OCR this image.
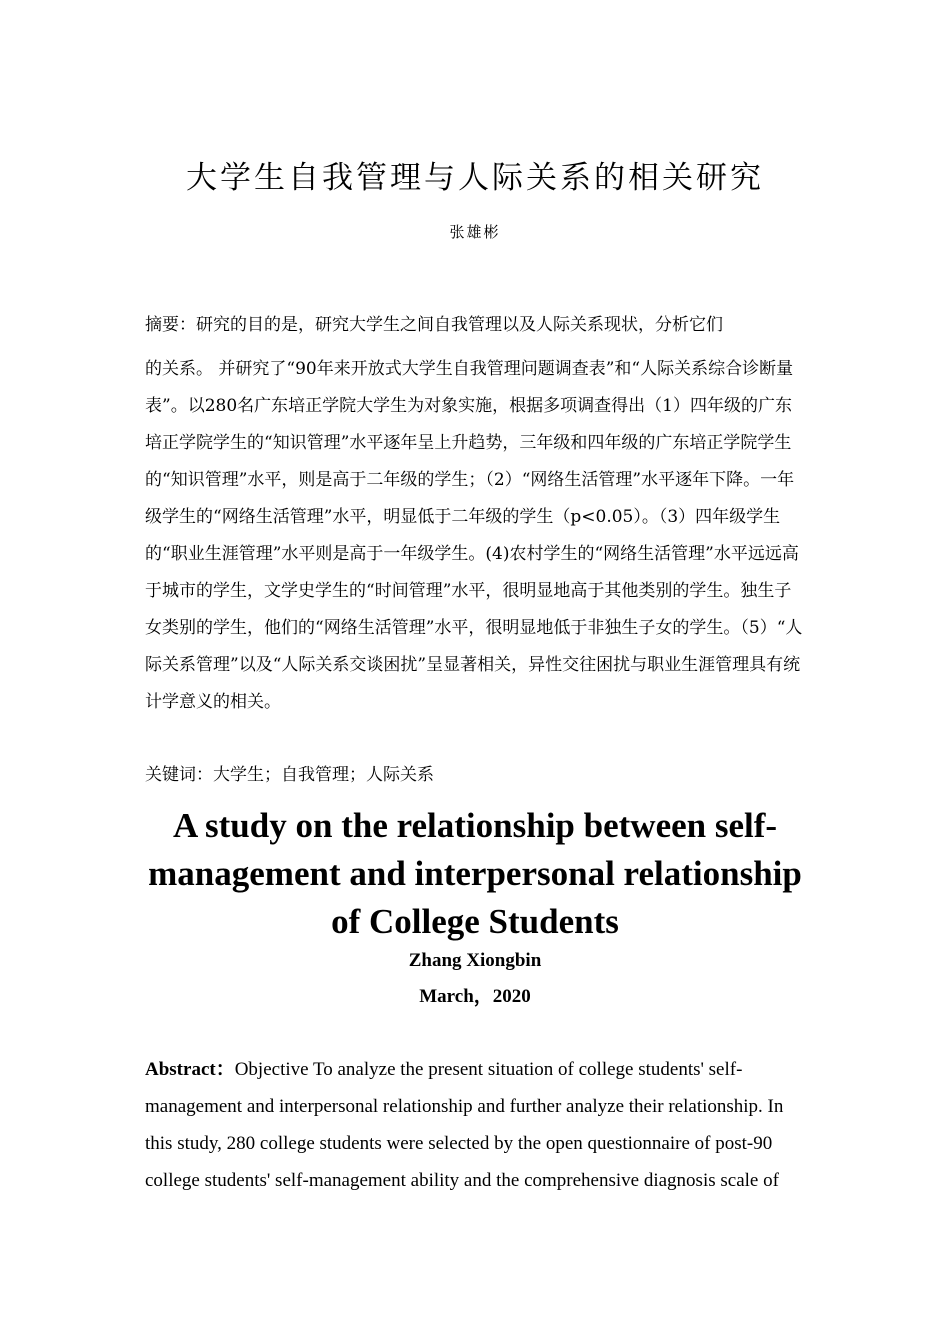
大学生自我管理与人际关系的相关研究
张雄彬

摘要：研究的目的是，研究大学生之间自我管理以及人际关系现状，分析它们

的关系。 并研究了“90年来开放式大学生自我管理问题调查表”和“人际关系综合诊断量表”。以280名广东培正学院大学生为对象实施，根据多项调查得出（1）四年级的广东培正学院学生的“知识管理”水平逐年呈上升趋势，三年级和四年级的广东培正学院学生的“知识管理”水平，则是高于二年级的学生；（2）“网络生活管理”水平逐年下降。一年级学生的“网络生活管理”水平，明显低于二年级的学生（p<0.05）。（3）四年级学生的“职业生涯管理”水平则是高于一年级学生。(4)农村学生的“网络生活管理”水平远远高于城市的学生，文学史学生的“时间管理”水平，很明显地高于其他类别的学生。独生子女类别的学生，他们的“网络生活管理”水平，很明显地低于非独生子女的学生。（5）“人际关系管理”以及“人际关系交谈困扰”呈显著相关，异性交往困扰与职业生涯管理具有统计学意义的相关。

关键词：大学生；自我管理；人际关系
A study on the relationship between self-management and interpersonal relationship of College Students
Zhang Xiongbin
March，2020
Abstract：Objective To analyze the present situation of college students' self-management and interpersonal relationship and further analyze their relationship. In this study, 280 college students were selected by the open questionnaire of post-90 college students' self-management ability and the comprehensive diagnosis scale of
